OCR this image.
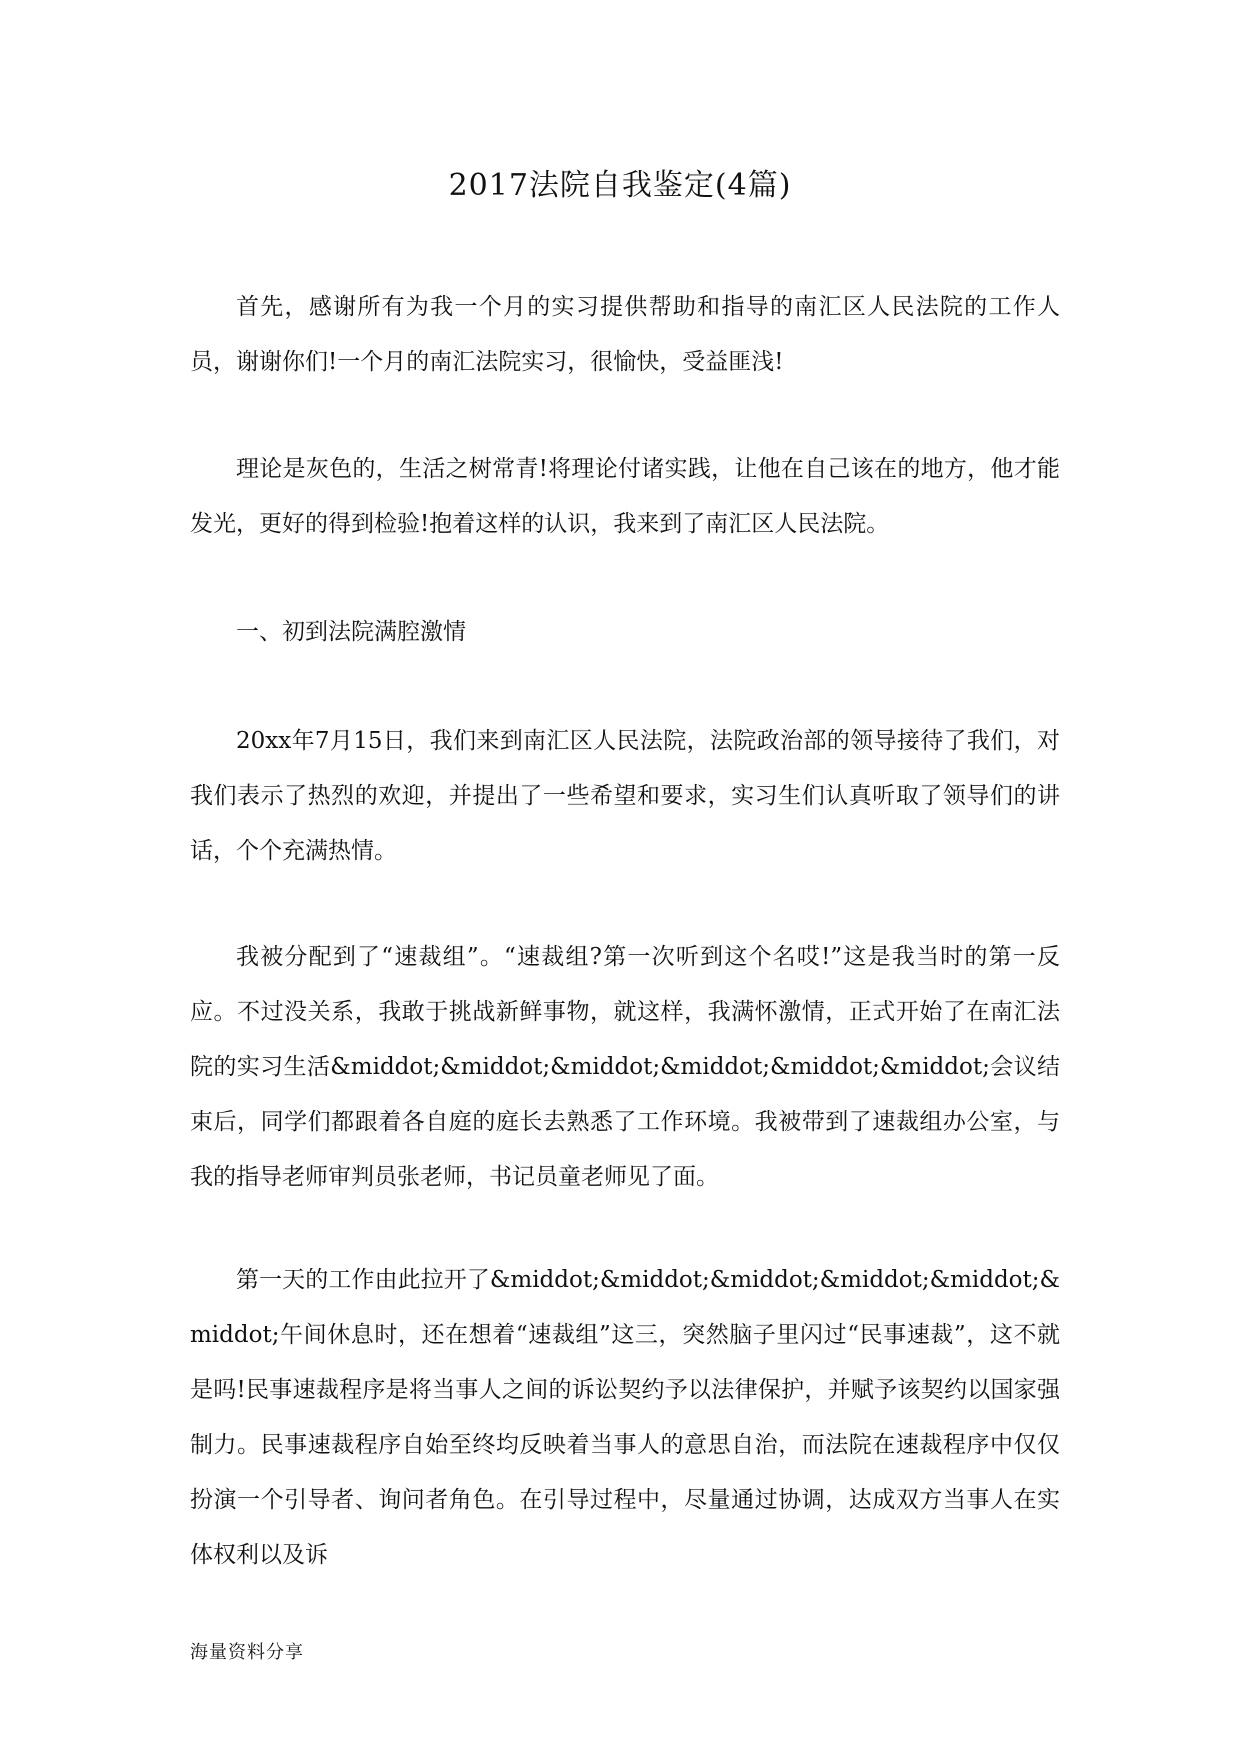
2017法院自我鉴定(4篇)

首先，感谢所有为我一个月的实习提供帮助和指导的南汇区人民法院的工作人员，谢谢你们!一个月的南汇法院实习，很愉快，受益匪浅!

理论是灰色的，生活之树常青!将理论付诸实践，让他在自己该在的地方，他才能发光，更好的得到检验!抱着这样的认识，我来到了南汇区人民法院。

一、初到法院满腔激情

20xx年7月15日，我们来到南汇区人民法院，法院政治部的领导接待了我们，对我们表示了热烈的欢迎，并提出了一些希望和要求，实习生们认真听取了领导们的讲话，个个充满热情。

我被分配到了“速裁组”。“速裁组?第一次听到这个名哎!”这是我当时的第一反应。不过没关系，我敢于挑战新鲜事物，就这样，我满怀激情，正式开始了在南汇法院的实习生活&middot;&middot;&middot;&middot;&middot;&middot;会议结束后，同学们都跟着各自庭的庭长去熟悉了工作环境。我被带到了速裁组办公室，与我的指导老师审判员张老师，书记员童老师见了面。

第一天的工作由此拉开了&middot;&middot;&middot;&middot;&middot;&middot;午间休息时，还在想着“速裁组”这三，突然脑子里闪过“民事速裁”，这不就是吗!民事速裁程序是将当事人之间的诉讼契约予以法律保护，并赋予该契约以国家强制力。民事速裁程序自始至终均反映着当事人的意思自治，而法院在速裁程序中仅仅扮演一个引导者、询问者角色。在引导过程中，尽量通过协调，达成双方当事人在实体权利以及诉

海量资料分享
